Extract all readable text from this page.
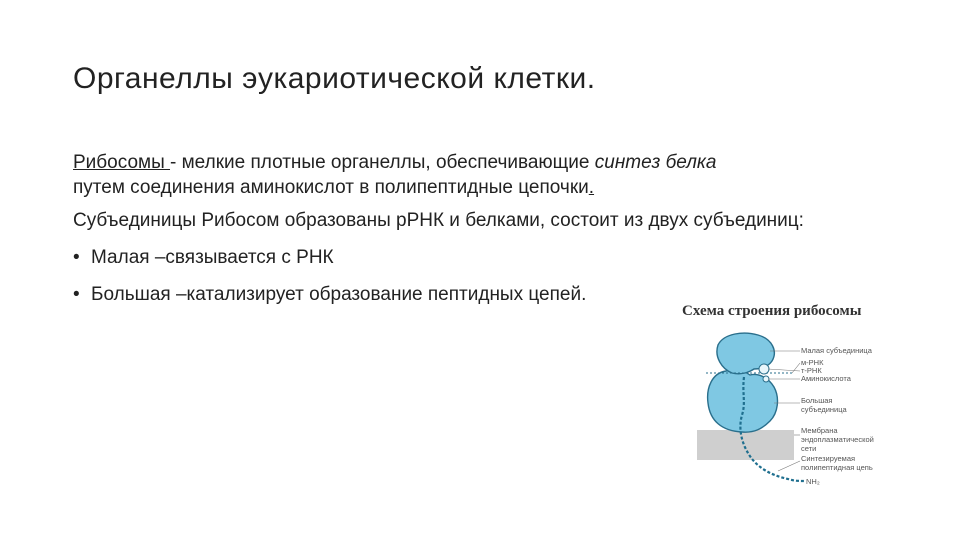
Органеллы эукариотической клетки.

Рибосомы - мелкие плотные органеллы, обеспечивающие синтез белка
путем соединения аминокислот в полипептидные цепочки.

Субъединицы Рибосом образованы рРНК и белками, состоит из двух субъединиц:

• Малая –связывается с РНК
• Большая –катализирует образование пептидных цепей.
Схема строения рибосомы
Малая субъединица
м-РНК
т-РНК
Аминокислота
Большая
субъединица
Мембрана
эндоплазматической
сети
Синтезируемая
полипептидная цепь
NH₂
